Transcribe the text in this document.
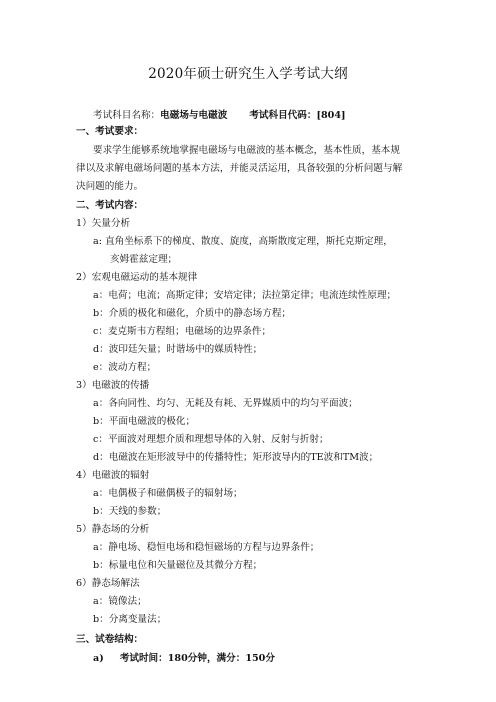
2020年硕士研究生入学考试大纲
考试科目名称：电磁场与电磁波 考试科目代码：[804]
一、考试要求：
要求学生能够系统地掌握电磁场与电磁波的基本概念，基本性质，基本规
律以及求解电磁场问题的基本方法，并能灵活运用，具备较强的分析问题与解
决问题的能力。
二、考试内容：
1）矢量分析
a: 直角坐标系下的梯度、散度、旋度，高斯散度定理，斯托克斯定理，
亥姆霍兹定理；
2）宏观电磁运动的基本规律
a：电荷；电流；高斯定律；安培定律；法拉第定律；电流连续性原理；
b：介质的极化和磁化，介质中的静态场方程；
c：麦克斯韦方程组；电磁场的边界条件；
d：波印廷矢量；时谐场中的媒质特性；
e：波动方程；
3）电磁波的传播
a：各向同性、均匀、无耗及有耗、无界媒质中的均匀平面波；
b：平面电磁波的极化；
c：平面波对理想介质和理想导体的入射、反射与折射；
d：电磁波在矩形波导中的传播特性；矩形波导内的TE波和TM波；
4）电磁波的辐射
a：电偶极子和磁偶极子的辐射场；
b：天线的参数；
5）静态场的分析
a：静电场、稳恒电场和稳恒磁场的方程与边界条件；
b：标量电位和矢量磁位及其微分方程；
6）静态场解法
a：镜像法；
b：分离变量法；
三、试卷结构：
a) 考试时间：180分钟，满分：150分
